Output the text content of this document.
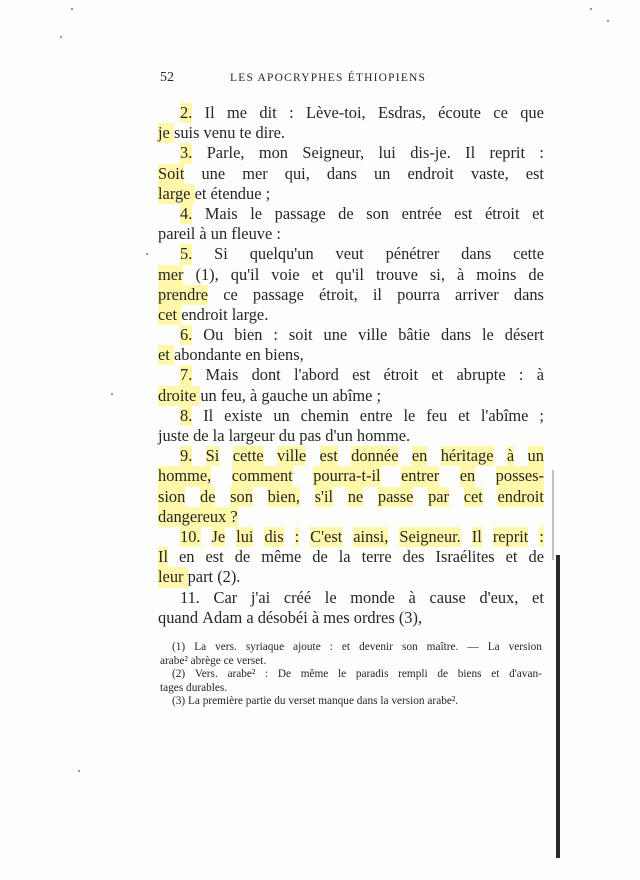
52	LES APOCRYPHES ÉTHIOPIENS
2. Il me dit : Lève-toi, Esdras, écoute ce que
je suis venu te dire.
3. Parle, mon Seigneur, lui dis-je. Il reprit :
Soit une mer qui, dans un endroit vaste, est
large et étendue ;
4. Mais le passage de son entrée est étroit et
pareil à un fleuve :
5. Si quelqu'un veut pénétrer dans cette
mer (1), qu'il voie et qu'il trouve si, à moins de
prendre ce passage étroit, il pourra arriver dans
cet endroit large.
6. Ou bien : soit une ville bâtie dans le désert
et abondante en biens,
7. Mais dont l'abord est étroit et abrupte : à
droite un feu, à gauche un abîme ;
8. Il existe un chemin entre le feu et l'abîme ;
juste de la largeur du pas d'un homme.
9. Si cette ville est donnée en héritage à un
homme, comment pourra-t-il entrer en posses-
sion de son bien, s'il ne passe par cet endroit
dangereux ?
10. Je lui dis : C'est ainsi, Seigneur. Il reprit :
Il en est de même de la terre des Israélites et de
leur part (2).
11. Car j'ai créé le monde à cause d'eux, et
quand Adam a désobéi à mes ordres (3),
(1) La vers. syriaque ajoute : et devenir son maître. — La version
arabe² abrège ce verset.
(2) Vers. arabe² : De même le paradis rempli de biens et d'avan-
tages durables.
(3) La première partie du verset manque dans la version arabe².
